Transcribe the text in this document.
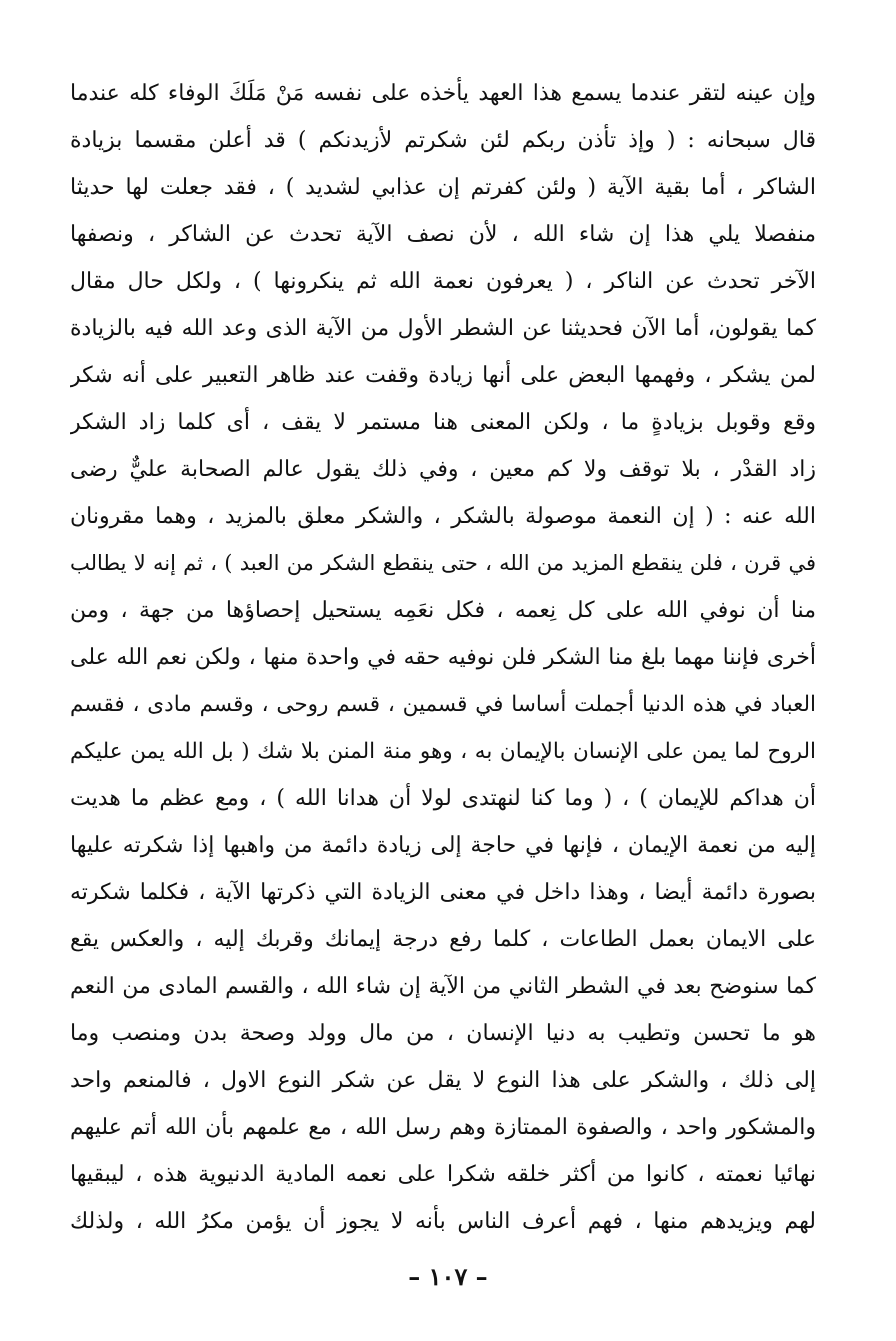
وإن عينه لتقر عندما يسمع هذا العهد يأخذه على نفسه مَنْ مَلَكَ الوفاء كله عندما
قال سبحانه : ( وإذ تأذن ربكم لئن شكرتم لأزيدنكم ) قد أعلن مقسما بزيادة
الشاكر ، أما بقية الآية ( ولئن كفرتم إن عذابي لشديد ) ، فقد جعلت لها حديثا
منفصلا يلي هذا إن شاء الله ، لأن نصف الآية تحدث عن الشاكر ، ونصفها
الآخر تحدث عن الناكر ، ( يعرفون نعمة الله ثم ينكرونها ) ، ولكل حال مقال
كما يقولون، أما الآن فحديثنا عن الشطر الأول من الآية الذى وعد الله فيه بالزيادة
لمن يشكر ، وفهمها البعض على أنها زيادة وقفت عند ظاهر التعبير على أنه شكر
وقع وقوبل بزيادةٍ ما ، ولكن المعنى هنا مستمر لا يقف ، أى كلما زاد الشكر
زاد القدْر ، بلا توقف ولا كم معين ، وفي ذلك يقول عالم الصحابة عليٌّ رضى
الله عنه : ( إن النعمة موصولة بالشكر ، والشكر معلق بالمزيد ، وهما مقرونان
في قرن ، فلن ينقطع المزيد من الله ، حتى ينقطع الشكر من العبد ) ، ثم إنه لا يطالب
منا أن نوفي الله على كل نِعمه ، فكل نعَمِه يستحيل إحصاؤها من جهة ، ومن
أخرى فإننا مهما بلغ منا الشكر فلن نوفيه حقه في واحدة منها ، ولكن نعم الله على
العباد في هذه الدنيا أجملت أساسا في قسمين ، قسم روحى ، وقسم مادى ، فقسم
الروح لما يمن على الإنسان بالإيمان به ، وهو منة المنن بلا شك ( بل الله يمن عليكم
أن هداكم للإيمان ) ، ( وما كنا لنهتدى لولا أن هدانا الله ) ، ومع عظم ما هديت
إليه من نعمة الإيمان ، فإنها في حاجة إلى زيادة دائمة من واهبها إذا شكرته عليها
بصورة دائمة أيضا ، وهذا داخل في معنى الزيادة التي ذكرتها الآية ، فكلما شكرته
على الايمان بعمل الطاعات ، كلما رفع درجة إيمانك وقربك إليه ، والعكس يقع
كما سنوضح بعد في الشطر الثاني من الآية إن شاء الله ، والقسم المادى من النعم
هو ما تحسن وتطيب به دنيا الإنسان ، من مال وولد وصحة بدن ومنصب وما
إلى ذلك ، والشكر على هذا النوع لا يقل عن شكر النوع الاول ، فالمنعم واحد
والمشكور واحد ، والصفوة الممتازة وهم رسل الله ، مع علمهم بأن الله أتم عليهم
نهائيا نعمته ، كانوا من أكثر خلقه شكرا على نعمه المادية الدنيوية هذه ، ليبقيها
لهم ويزيدهم منها ، فهم أعرف الناس بأنه لا يجوز أن يؤمن مكرُ الله ، ولذلك
– ١٠٧ –
